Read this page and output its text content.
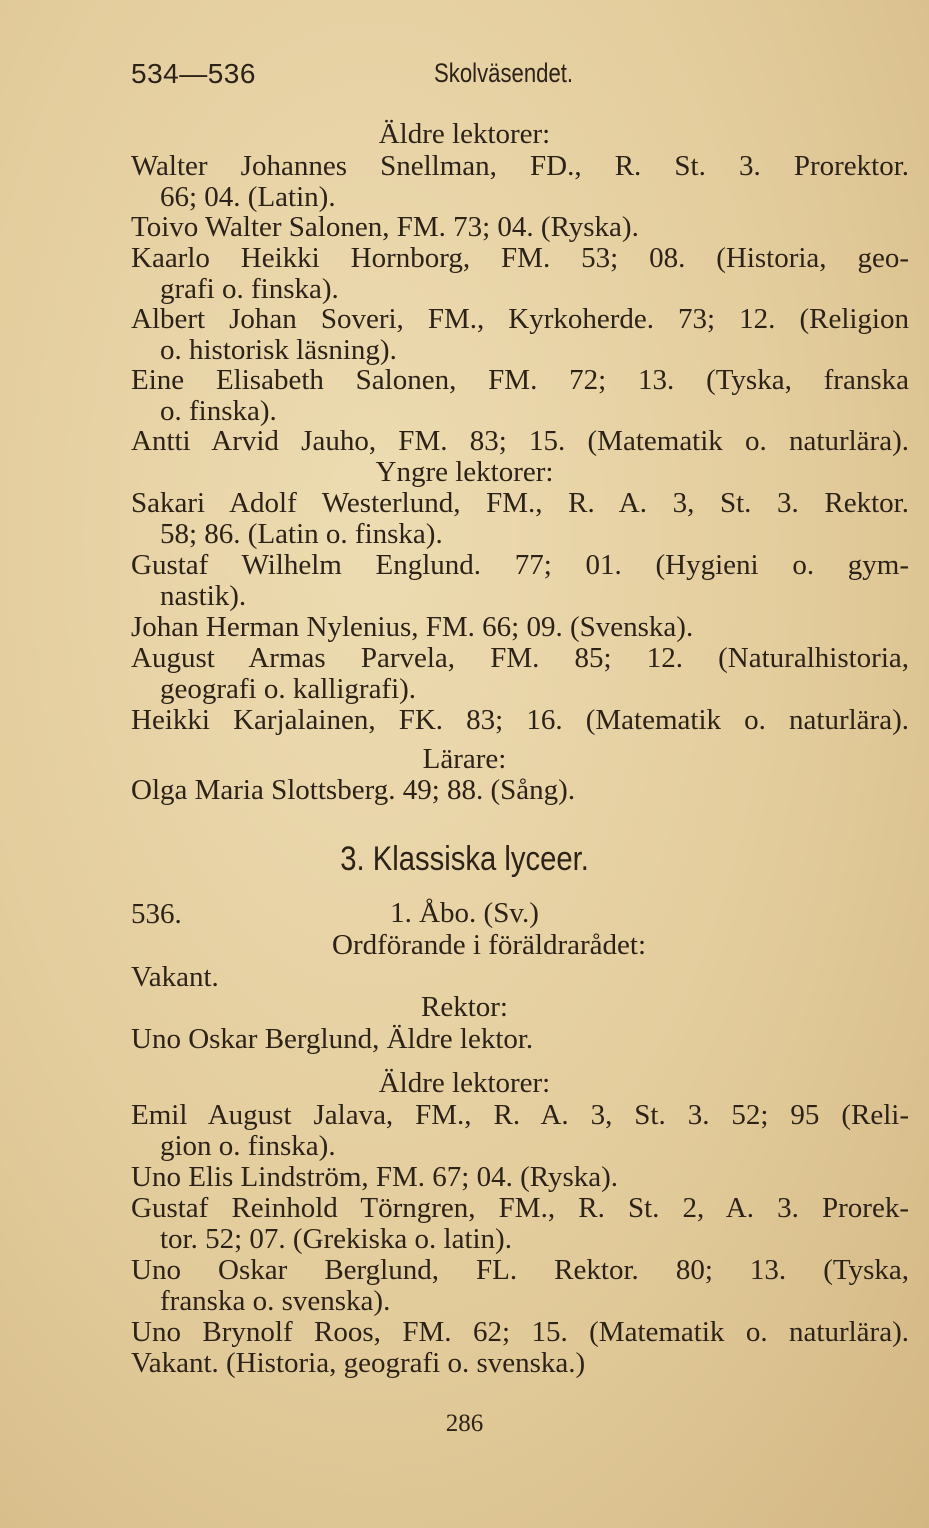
534—536	Skolväsendet.
Äldre lektorer:
Walter Johannes Snellman, FD., R. St. 3. Prorektor.
66; 04. (Latin).
Toivo Walter Salonen, FM. 73; 04. (Ryska).
Kaarlo Heikki Hornborg, FM. 53; 08. (Historia, geo-
grafi o. finska).
Albert Johan Soveri, FM., Kyrkoherde. 73; 12. (Religion
o. historisk läsning).
Eine Elisabeth Salonen, FM. 72; 13. (Tyska, franska
o. finska).
Antti Arvid Jauho, FM. 83; 15. (Matematik o. naturlära).
Yngre lektorer:
Sakari Adolf Westerlund, FM., R. A. 3, St. 3. Rektor.
58; 86. (Latin o. finska).
Gustaf Wilhelm Englund. 77; 01. (Hygieni o. gym-
nastik).
Johan Herman Nylenius, FM. 66; 09. (Svenska).
August Armas Parvela, FM. 85; 12. (Naturalhistoria,
geografi o. kalligrafi).
Heikki Karjalainen, FK. 83; 16. (Matematik o. naturlära).
Lärare:
Olga Maria Slottsberg. 49; 88. (Sång).
3. Klassiska lyceer.
536.	1. Åbo. (Sv.)
Ordförande i föräldrarådet:
Vakant.
Rektor:
Uno Oskar Berglund, Äldre lektor.
Äldre lektorer:
Emil August Jalava, FM., R. A. 3, St. 3. 52; 95 (Reli-
gion o. finska).
Uno Elis Lindström, FM. 67; 04. (Ryska).
Gustaf Reinhold Törngren, FM., R. St. 2, A. 3. Prorek-
tor. 52; 07. (Grekiska o. latin).
Uno Oskar Berglund, FL. Rektor. 80; 13. (Tyska,
franska o. svenska).
Uno Brynolf Roos, FM. 62; 15. (Matematik o. naturlära).
Vakant. (Historia, geografi o. svenska.)
286
